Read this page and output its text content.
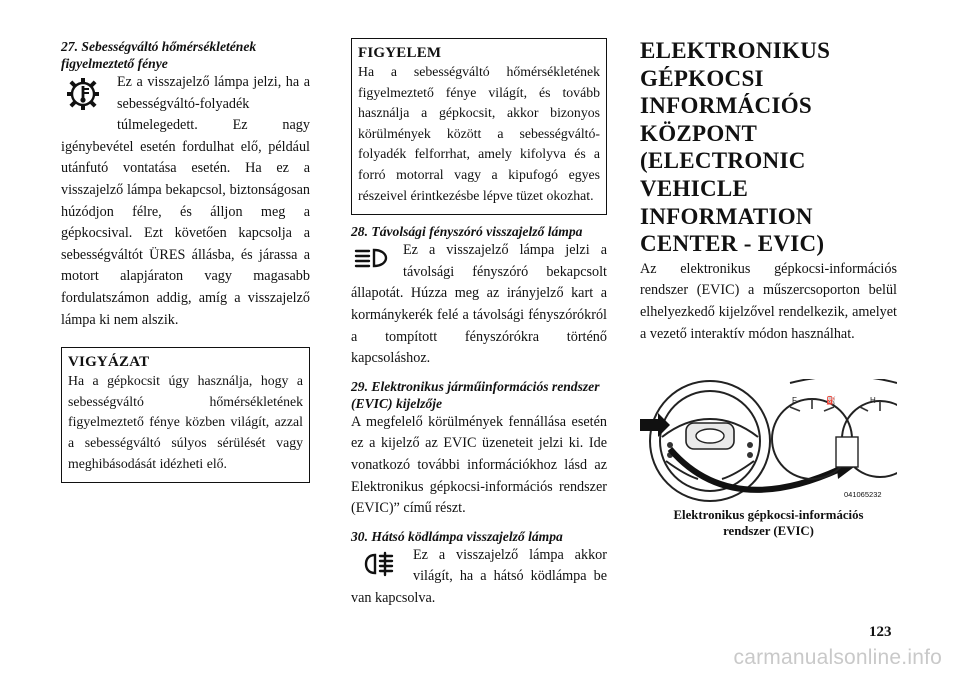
27. Sebességváltó hőmérsékletének figyelmeztető fénye

Ez a visszajelző lámpa jelzi, ha a sebességváltó-folyadék túlmelegedett. Ez nagy igénybevétel esetén fordulhat elő, például utánfutó vontatása esetén. Ha ez a visszajelző lámpa bekapcsol, biztonságosan húzódjon félre, és álljon meg a gépkocsival. Ezt követően kapcsolja a sebességváltót ÜRES állásba, és járassa a motort alapjáraton vagy magasabb fordulatszámon addig, amíg a visszajelző lámpa ki nem alszik.

VIGYÁZAT

Ha a gépkocsit úgy használja, hogy a sebességváltó hőmérsékletének figyelmeztető fénye közben világít, azzal a sebességváltó súlyos sérülését vagy meghibásodását idézheti elő.

FIGYELEM

Ha a sebességváltó hőmérsékletének figyelmeztető fénye világít, és tovább használja a gépkocsit, akkor bizonyos körülmények között a sebességváltó-folyadék felforrhat, amely kifolyva és a forró motorral vagy a kipufogó egyes részeivel érintkezésbe lépve tüzet okozhat.

28. Távolsági fényszóró visszajelző lámpa

Ez a visszajelző lámpa jelzi a távolsági fényszóró bekapcsolt állapotát. Húzza meg az irányjelző kart a kormánykerék felé a távolsági fényszórókról a tompított fényszórókra történő kapcsoláshoz.

29. Elektronikus járműinformációs rendszer (EVIC) kijelzője

A megfelelő körülmények fennállása esetén ez a kijelző az EVIC üzeneteit jelzi ki. Ide vonatkozó további információkhoz lásd az Elektronikus gépkocsi-információs rendszer (EVIC)” című részt.

30. Hátsó ködlámpa visszajelző lámpa

Ez a visszajelző lámpa akkor világít, ha a hátsó ködlámpa be van kapcsolva.

ELEKTRONIKUS

GÉPKOCSI

INFORMÁCIÓS

KÖZPONT

(ELECTRONIC

VEHICLE

INFORMATION

CENTER - EVIC)

Az elektronikus gépkocsi-információs rendszer (EVIC) a műszercsoporton belül elhelyezkedő kijelzővel rendelkezik, amelyet a vezető interaktív módon használhat.

F	⛽	H
041065232
Elektronikus gépkocsi-információs
rendszer (EVIC)
123
carmanualsonline.info
